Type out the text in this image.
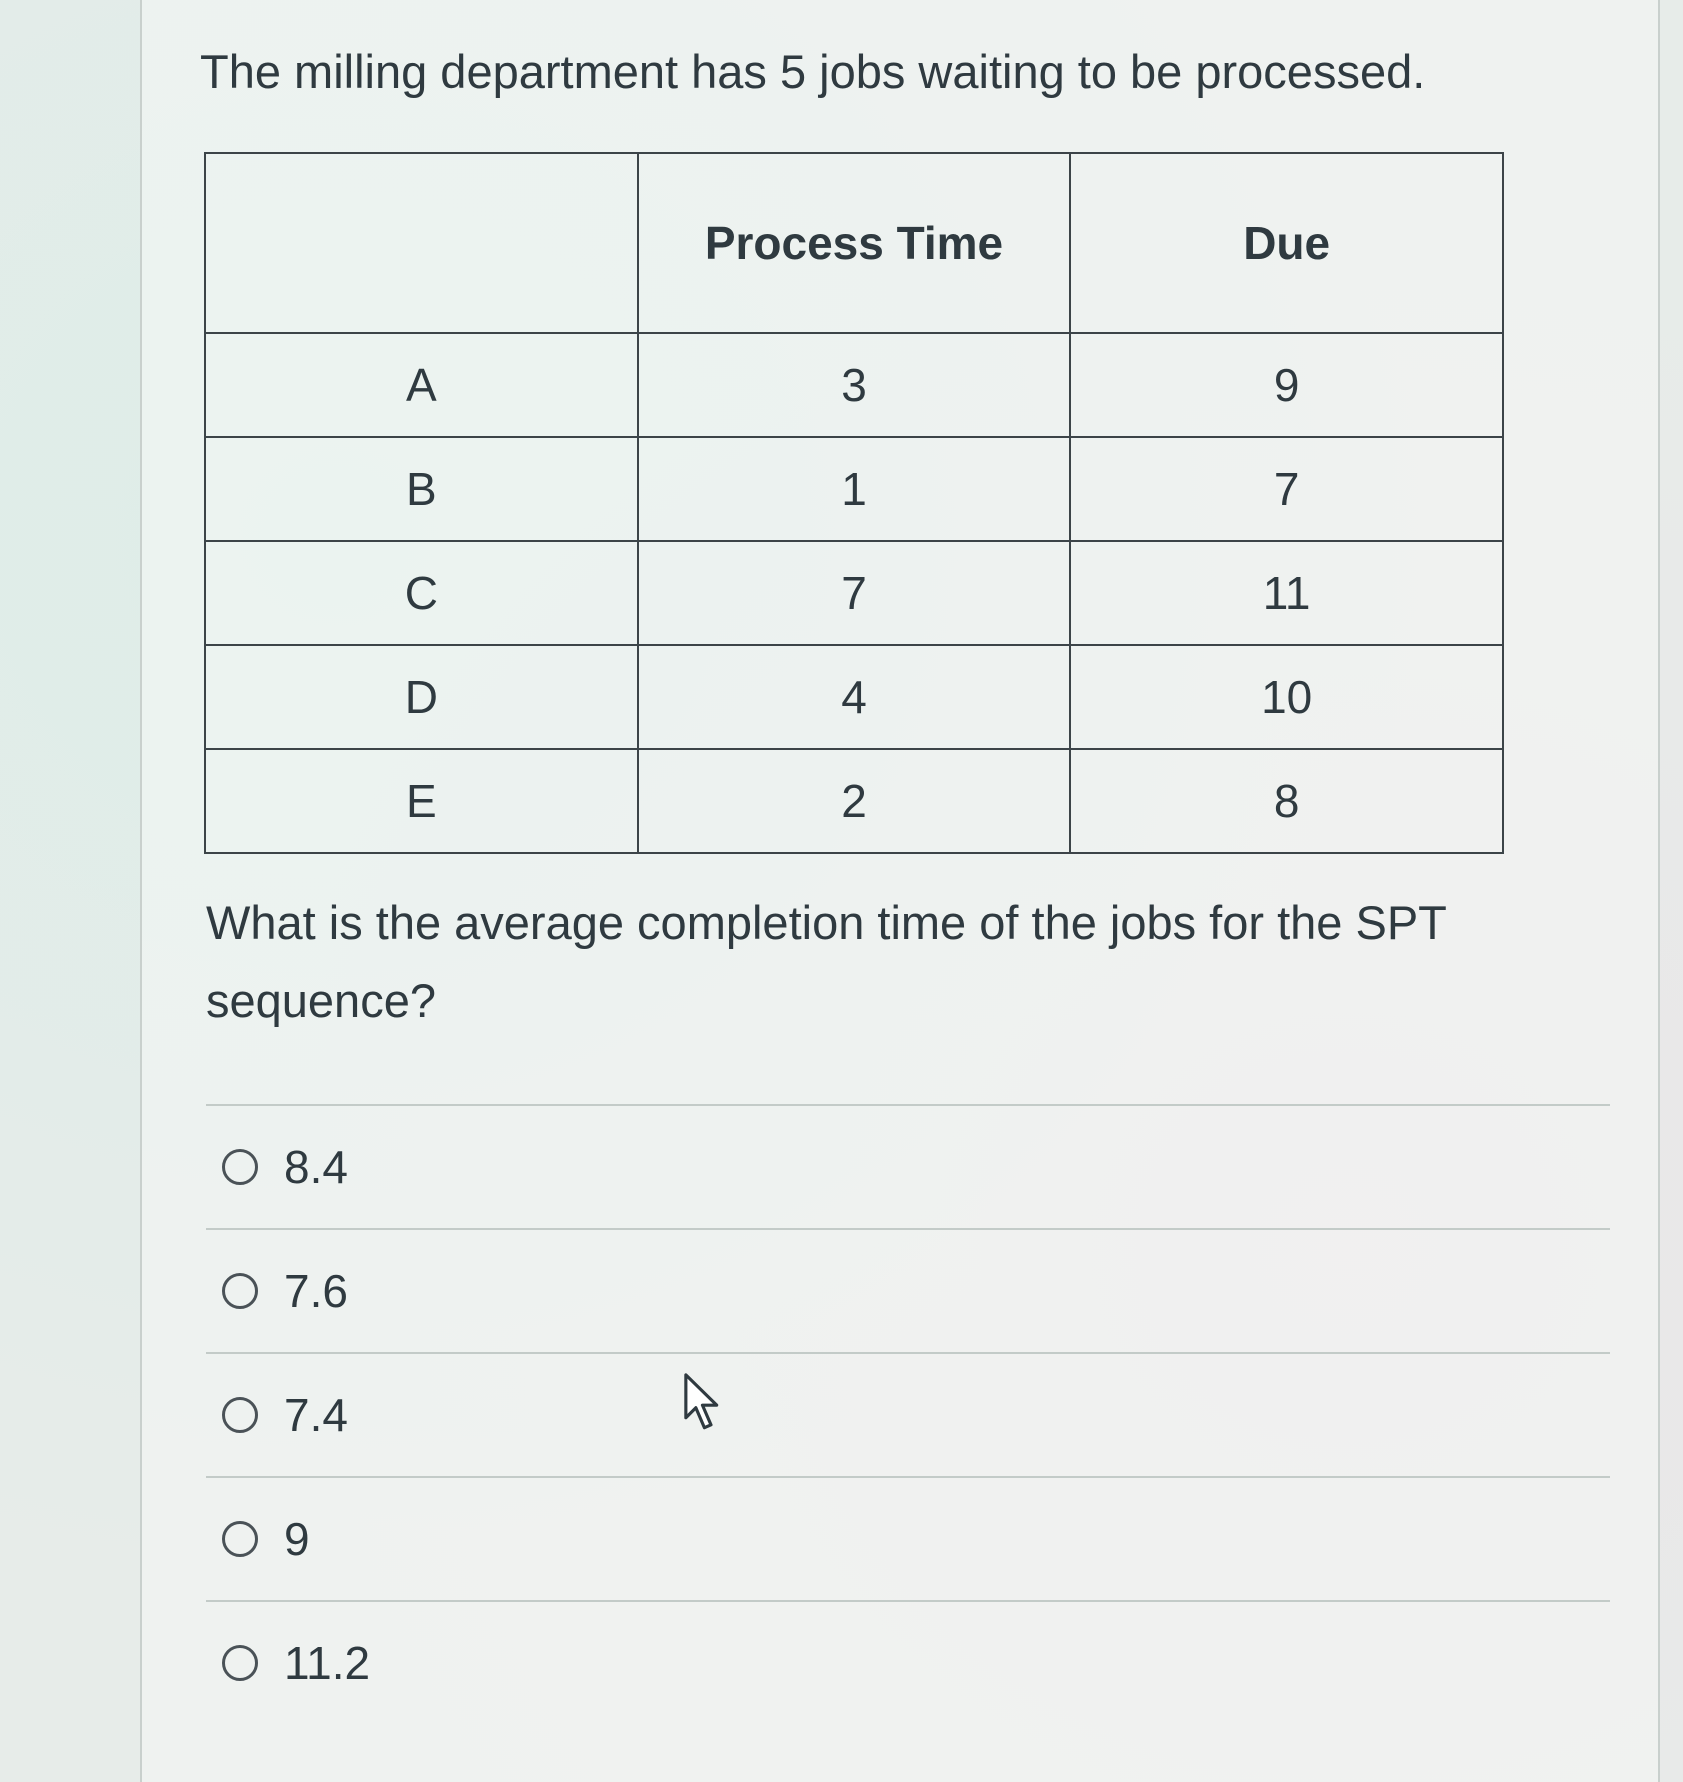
The milling department has 5 jobs waiting to be processed.
	Process Time	Due
A	3	9
B	1	7
C	7	11
D	4	10
E	2	8
What is the average completion time of the jobs for the SPT sequence?
8.4
7.6
7.4
9
11.2
